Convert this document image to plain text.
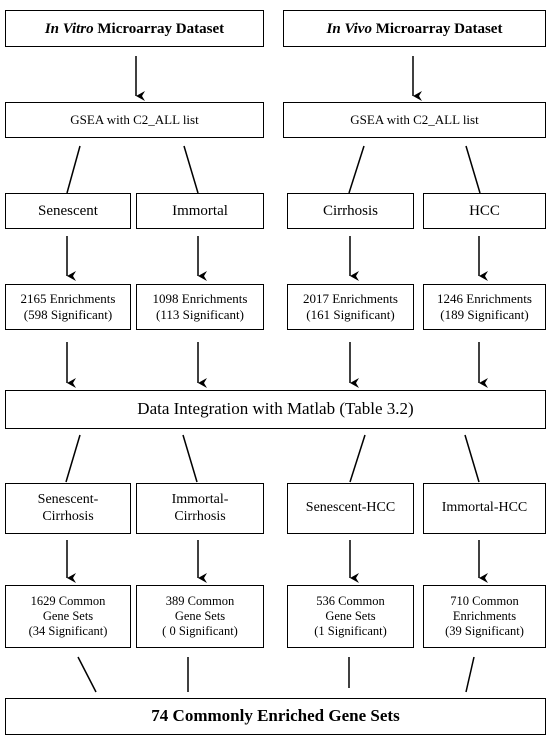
In Vitro Microarray Dataset	In Vivo Microarray Dataset
GSEA with C2_ALL list	GSEA with C2_ALL list
Senescent	Immortal	Cirrhosis	HCC
2165 Enrichments
(598 Significant)
1098 Enrichments
(113 Significant)
2017 Enrichments
(161 Significant)
1246 Enrichments
(189 Significant)
Data Integration with Matlab (Table 3.2)
Senescent-
Cirrhosis
Immortal-
Cirrhosis
Senescent-HCC	Immortal-HCC
1629 Common
Gene Sets
(34 Significant)
389 Common
Gene Sets
( 0 Significant)
536 Common
Gene Sets
(1 Significant)
710 Common
Enrichments
(39 Significant)
74 Commonly Enriched Gene Sets
